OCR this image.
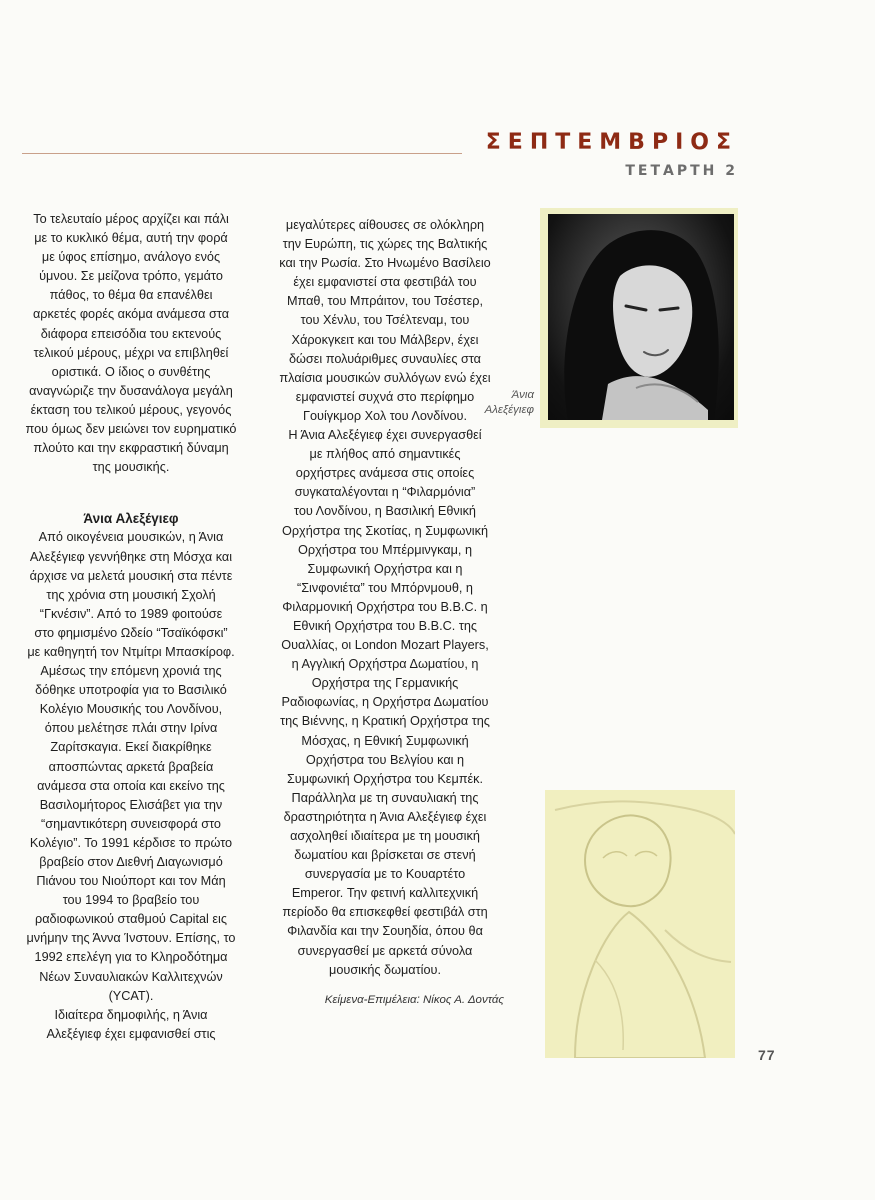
ΣΕΠΤΕΜΒΡΙΟΣ
ΤΕΤΑΡΤΗ 2

Το τελευταίο μέρος αρχίζει και πάλι

με το κυκλικό θέμα, αυτή την φορά

με ύφος επίσημο, ανάλογο ενός

ύμνου. Σε μείζονα τρόπο, γεμάτο

πάθος, το θέμα θα επανέλθει

αρκετές φορές ακόμα ανάμεσα στα

διάφορα επεισόδια του εκτενούς

τελικού μέρους, μέχρι να επιβληθεί

οριστικά. Ο ίδιος ο συνθέτης

αναγνώριζε την δυσανάλογα μεγάλη

έκταση του τελικού μέρους, γεγονός

που όμως δεν μειώνει τον ευρηματικό

πλούτο και την εκφραστική δύναμη

της μουσικής.

Άνια Αλεξέγιεφ

Από οικογένεια μουσικών, η Άνια

Αλεξέγιεφ γεννήθηκε στη Μόσχα και

άρχισε να μελετά μουσική στα πέντε

της χρόνια στη μουσική Σχολή

“Γκνέσιν”. Από το 1989 φοιτούσε

στο φημισμένο Ωδείο “Τσαϊκόφσκι”

με καθηγητή τον Ντμίτρι Μπασκίροφ.

Αμέσως την επόμενη χρονιά της

δόθηκε υποτροφία για το Βασιλικό

Κολέγιο Μουσικής του Λονδίνου,

όπου μελέτησε πλάι στην Ιρίνα

Ζαρίτσκαγια. Εκεί διακρίθηκε

αποσπώντας αρκετά βραβεία

ανάμεσα στα οποία και εκείνο της

Βασιλομήτορος Ελισάβετ για την

“σημαντικότερη συνεισφορά στο

Κολέγιο”. Το 1991 κέρδισε το πρώτο

βραβείο στον Διεθνή Διαγωνισμό

Πιάνου του Νιούπορτ και τον Μάη

του 1994 το βραβείο του

ραδιοφωνικού σταθμού Capital εις

μνήμην της Άννα Ίνστουν. Επίσης, το

1992 επελέγη για το Κληροδότημα

Νέων Συναυλιακών Καλλιτεχνών

(YCAT).

Ιδιαίτερα δημοφιλής, η Άνια

Αλεξέγιεφ έχει εμφανισθεί στις

μεγαλύτερες αίθουσες σε ολόκληρη

την Ευρώπη, τις χώρες της Βαλτικής

και την Ρωσία. Στο Ηνωμένο Βασίλειο

έχει εμφανιστεί στα φεστιβάλ του

Μπαθ, του Μπράιτον, του Τσέστερ,

του Χένλυ, του Τσέλτεναμ, του

Χάροκγκειτ και του Μάλβερν, έχει

δώσει πολυάριθμες συναυλίες στα

πλαίσια μουσικών συλλόγων ενώ έχει

εμφανιστεί συχνά στο περίφημο

Γουίγκμορ Χολ του Λονδίνου.

Η Άνια Αλεξέγιεφ έχει συνεργασθεί

με πλήθος από σημαντικές

ορχήστρες ανάμεσα στις οποίες

συγκαταλέγονται η “Φιλαρμόνια”

του Λονδίνου, η Βασιλική Εθνική

Ορχήστρα της Σκοτίας, η Συμφωνική

Ορχήστρα του Μπέρμινγκαμ, η

Συμφωνική Ορχήστρα και η

“Σινφονιέτα” του Μπόρνμουθ, η

Φιλαρμονική Ορχήστρα του B.B.C. η

Εθνική Ορχήστρα του B.B.C. της

Ουαλλίας, οι London Mozart Players,

η Αγγλική Ορχήστρα Δωματίου, η

Ορχήστρα της Γερμανικής

Ραδιοφωνίας, η Ορχήστρα Δωματίου

της Βιέννης, η Κρατική Ορχήστρα της

Μόσχας, η Εθνική Συμφωνική

Ορχήστρα του Βελγίου και η

Συμφωνική Ορχήστρα του Κεμπέκ.

Παράλληλα με τη συναυλιακή της

δραστηριότητα η Άνια Αλεξέγιεφ έχει

ασχοληθεί ιδιαίτερα με τη μουσική

δωματίου και βρίσκεται σε στενή

συνεργασία με το Κουαρτέτο

Emperor. Την φετινή καλλιτεχνική

περίοδο θα επισκεφθεί φεστιβάλ στη

Φιλανδία και την Σουηδία, όπου θα

συνεργασθεί με αρκετά σύνολα

μουσικής δωματίου.

Κείμενα-Επιμέλεια: Νίκος Α. Δοντάς
Άνια
Αλεξέγιεφ
77
